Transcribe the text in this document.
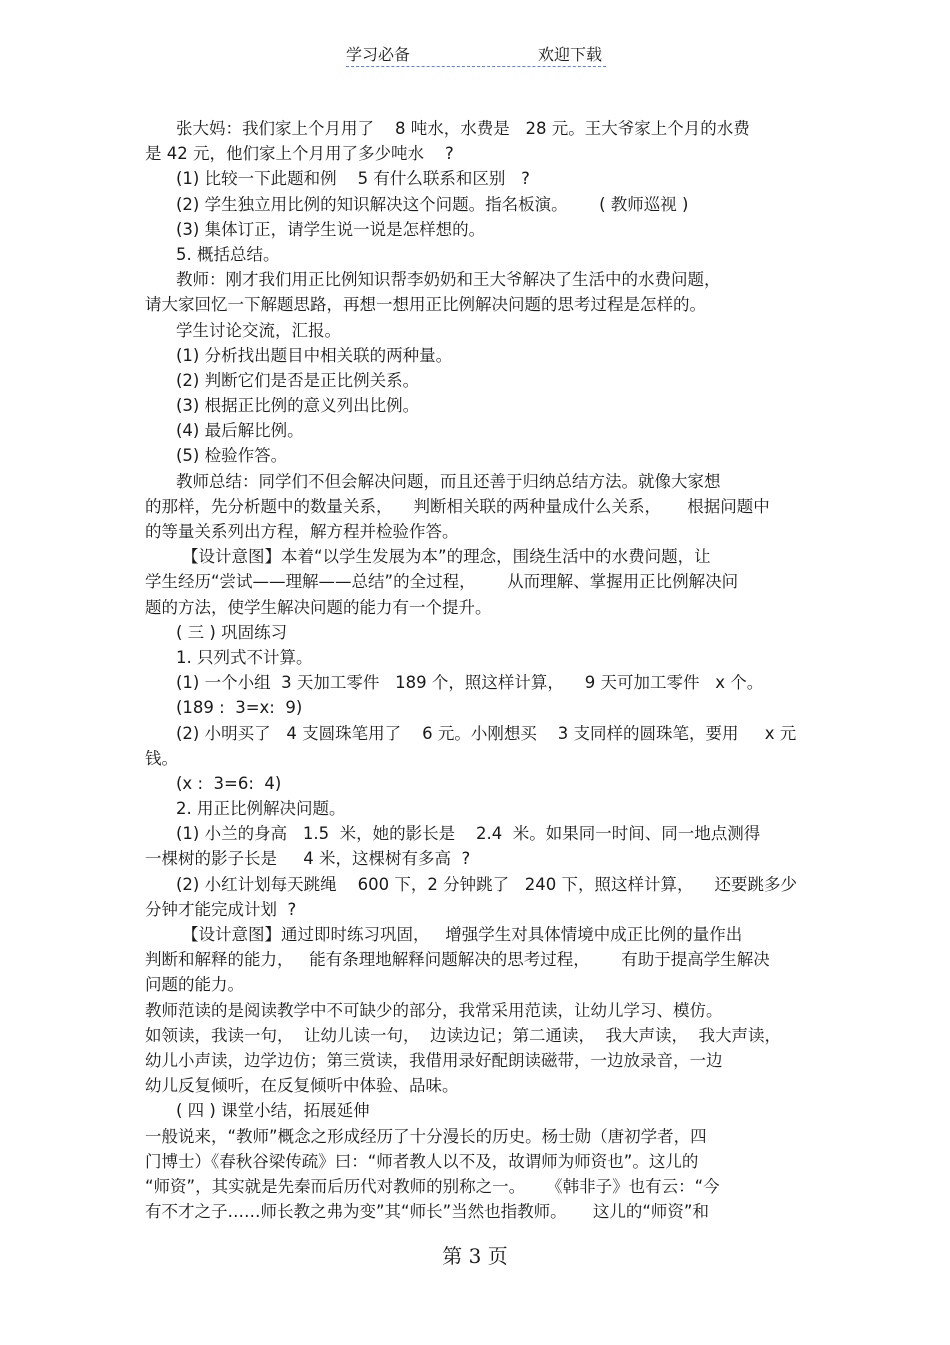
学习必备	欢迎下载
张大妈：我们家上个月用了    8 吨水，水费是   28 元。王大爷家上个月的水费
是 42 元，他们家上个月用了多少吨水    ?
(1) 比较一下此题和例    5 有什么联系和区别   ?
(2) 学生独立用比例的知识解决这个问题。指名板演。      ( 教师巡视 )
(3) 集体订正，请学生说一说是怎样想的。
5. 概括总结。
教师：刚才我们用正比例知识帮李奶奶和王大爷解决了生活中的水费问题，
请大家回忆一下解题思路，再想一想用正比例解决问题的思考过程是怎样的。
学生讨论交流，汇报。
(1) 分析找出题目中相关联的两种量。
(2) 判断它们是否是正比例关系。
(3) 根据正比例的意义列出比例。
(4) 最后解比例。
(5) 检验作答。
教师总结：同学们不但会解决问题，而且还善于归纳总结方法。就像大家想
的那样，先分析题中的数量关系，    判断相关联的两种量成什么关系，     根据问题中
的等量关系列出方程，解方程并检验作答。
【设计意图】本着“以学生发展为本”的理念，围绕生活中的水费问题，让
学生经历“尝试——理解——总结”的全过程，      从而理解、掌握用正比例解决问
题的方法，使学生解决问题的能力有一个提升。
( 三 ) 巩固练习
1. 只列式不计算。
(1) 一个小组  3 天加工零件   189 个，照这样计算，    9 天可加工零件   x 个。
(189 :  3=x:  9)
(2) 小明买了   4 支圆珠笔用了    6 元。小刚想买    3 支同样的圆珠笔，要用     x 元
钱。
(x :  3=6:  4)
2. 用正比例解决问题。
(1) 小兰的身高   1.5  米，她的影长是    2.4  米。如果同一时间、同一地点测得
一棵树的影子长是     4 米，这棵树有多高  ?
(2) 小红计划每天跳绳    600 下，2 分钟跳了   240 下，照这样计算，    还要跳多少
分钟才能完成计划  ?
【设计意图】通过即时练习巩固，   增强学生对具体情境中成正比例的量作出
判断和解释的能力，   能有条理地解释问题解决的思考过程，      有助于提高学生解决
问题的能力。
教师范读的是阅读教学中不可缺少的部分，我常采用范读，让幼儿学习、模仿。
如领读，我读一句，  让幼儿读一句，  边读边记；第二通读，  我大声读，  我大声读，
幼儿小声读，边学边仿；第三赏读，我借用录好配朗读磁带，一边放录音，一边
幼儿反复倾听，在反复倾听中体验、品味。
( 四 ) 课堂小结，拓展延伸
一般说来，“教师”概念之形成经历了十分漫长的历史。杨士勋（唐初学者，四
门博士）《春秋谷梁传疏》曰：“师者教人以不及，故谓师为师资也”。这儿的
“师资”，其实就是先秦而后历代对教师的别称之一。    《韩非子》也有云：“今
有不才之子……师长教之弗为变”其“师长”当然也指教师。     这儿的“师资”和
第 3 页
